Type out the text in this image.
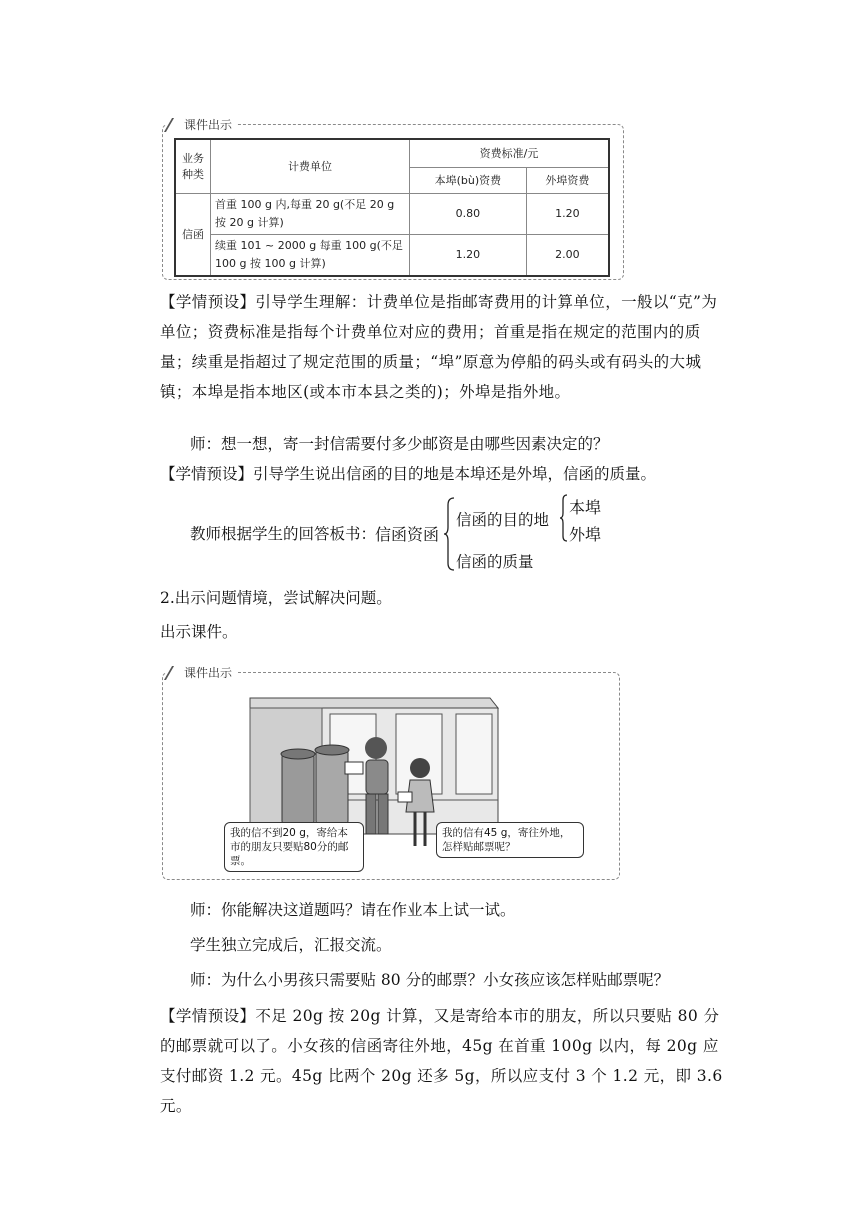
课件出示
业务种类	计费单位	资费标准/元	
		本埠(bù)资费	外埠资费
信函	首重 100 g 内,每重 20 g(不足 20 g 按 20 g 计算)	0.80	1.20
	续重 101 ~ 2000 g 每重 100 g(不足 100 g 按 100 g 计算)	1.20	2.00
【学情预设】引导学生理解：计费单位是指邮寄费用的计算单位，一般以“克”为单位；资费标准是指每个计费单位对应的费用；首重是指在规定的范围内的质量；续重是指超过了规定范围的质量；“埠”原意为停船的码头或有码头的大城镇；本埠是指本地区(或本市本县之类的)；外埠是指外地。
师：想一想，寄一封信需要付多少邮资是由哪些因素决定的？
【学情预设】引导学生说出信函的目的地是本埠还是外埠，信函的质量。
教师根据学生的回答板书：
信函资函
信函的目的地
本埠
外埠
信函的质量
2.出示问题情境，尝试解决问题。
出示课件。
课件出示
我的信不到20 g，寄给本市的朋友只要贴80分的邮票。
我的信有45 g，寄往外地，怎样贴邮票呢？
师：你能解决这道题吗？请在作业本上试一试。
学生独立完成后，汇报交流。
师：为什么小男孩只需要贴 80 分的邮票？小女孩应该怎样贴邮票呢？
【学情预设】不足 20g 按 20g 计算，又是寄给本市的朋友，所以只要贴 80 分的邮票就可以了。小女孩的信函寄往外地，45g 在首重 100g 以内，每 20g 应支付邮资 1.2 元。45g 比两个 20g 还多 5g，所以应支付 3 个 1.2 元，即 3.6 元。
